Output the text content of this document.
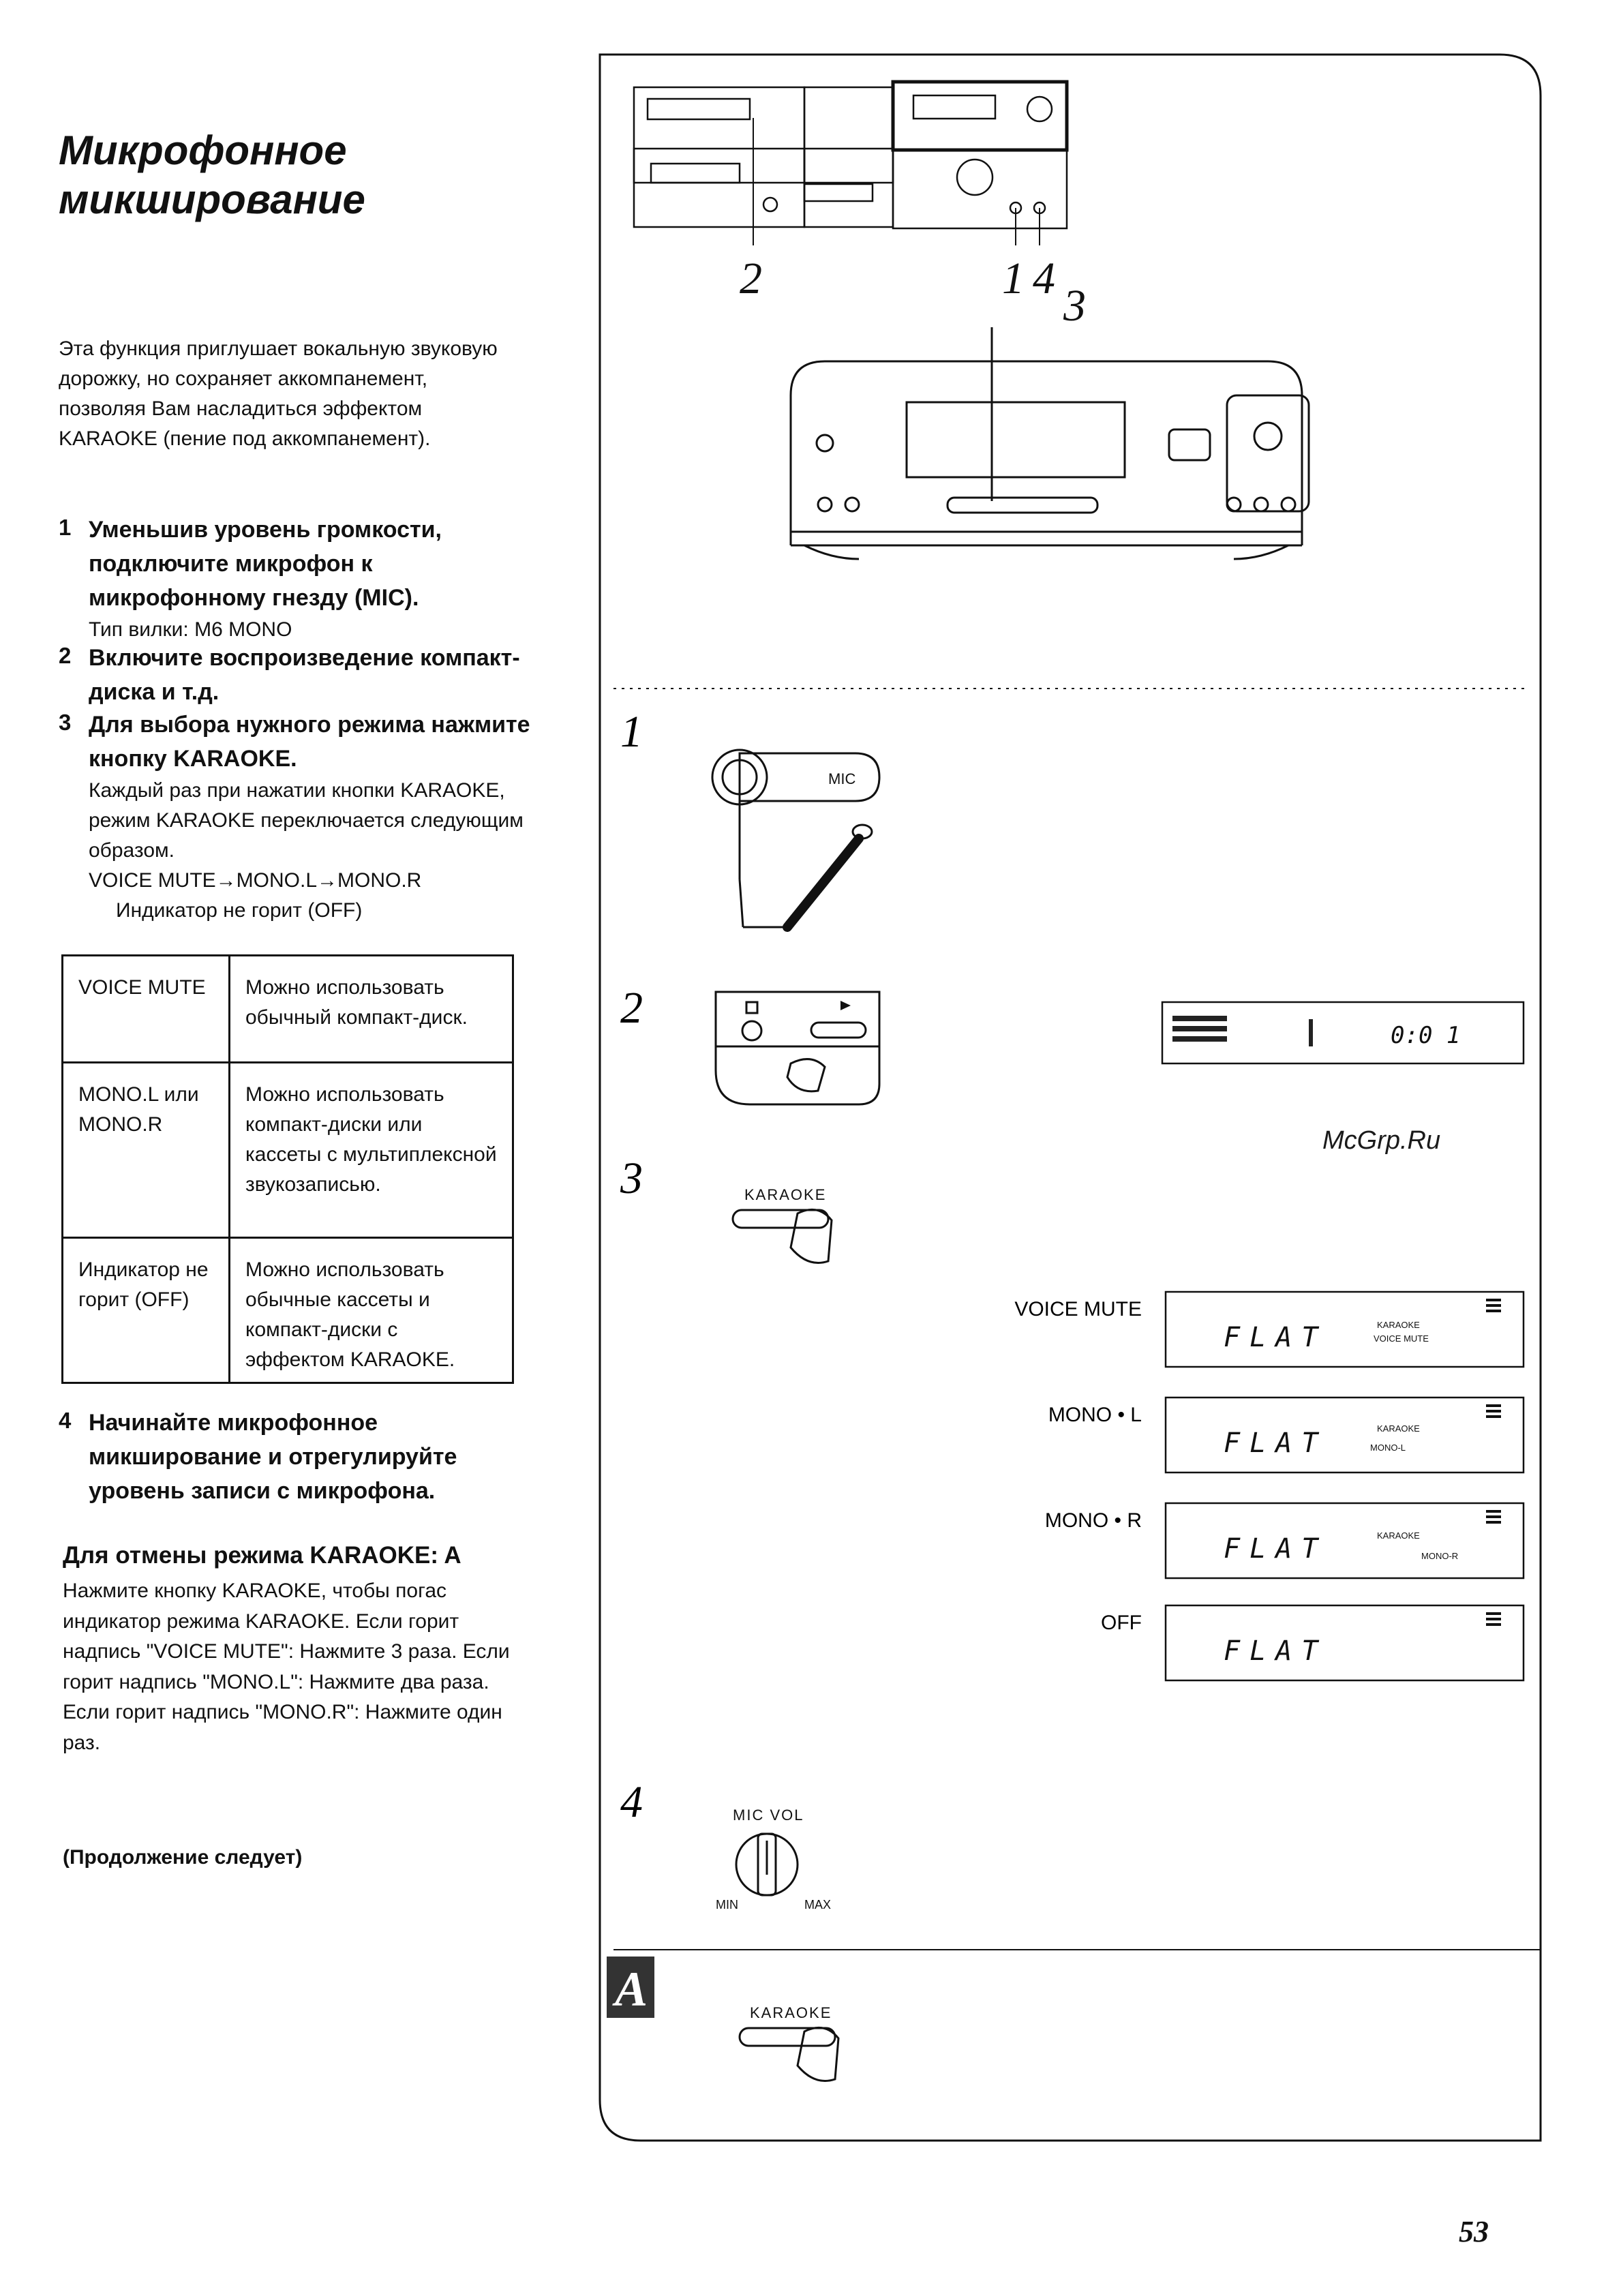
Микрофонное
микширование

Эта функция приглушает вокальную звуковую дорожку, но сохраняет аккомпанемент, позволяя Вам насладиться эффектом KARAOKE (пение под аккомпанемент).

1 Уменьшив уровень громкости, подключите микрофон к микрофонному гнезду (MIC).
Тип вилки: M6 MONO
2 Включите воспроизведение компакт-диска и т.д.
3 Для выбора нужного режима нажмите кнопку KARAOKE.
Каждый раз при нажатии кнопки KARAOKE, режим KARAOKE переключается следующим образом.
VOICE MUTE→MONO.L→MONO.R
Индикатор не горит (OFF)
VOICE MUTE	Можно использовать обычный компакт-диск.
MONO.L или MONO.R	Можно использовать компакт-диски или кассеты с мультиплексной звукозаписью.
Индикатор не горит (OFF)	Можно использовать обычные кассеты и компакт-диски с эффектом KARAOKE.
4 Начинайте микрофонное микширование и отрегулируйте уровень записи с микрофона.
Для отмены режима KARAOKE: A

Нажмите кнопку KARAOKE, чтобы погас индикатор режима KARAOKE. Если горит надпись "VOICE MUTE": Нажмите 3 раза. Если горит надпись "MONO.L": Нажмите два раза. Если горит надпись "MONO.R": Нажмите один раз.

(Продолжение следует)
53
2	1 4
3
1
MIC
2
0:0 1
McGrp.Ru
3	KARAOKE
VOICE MUTE
FLAT	KARAOKE
VOICE MUTE
MONO • L
FLAT	KARAOKE
MONO-L
MONO • R
FLAT	KARAOKE
MONO-R
OFF
FLAT
4	MIC VOL
MIN	MAX
A	KARAOKE
